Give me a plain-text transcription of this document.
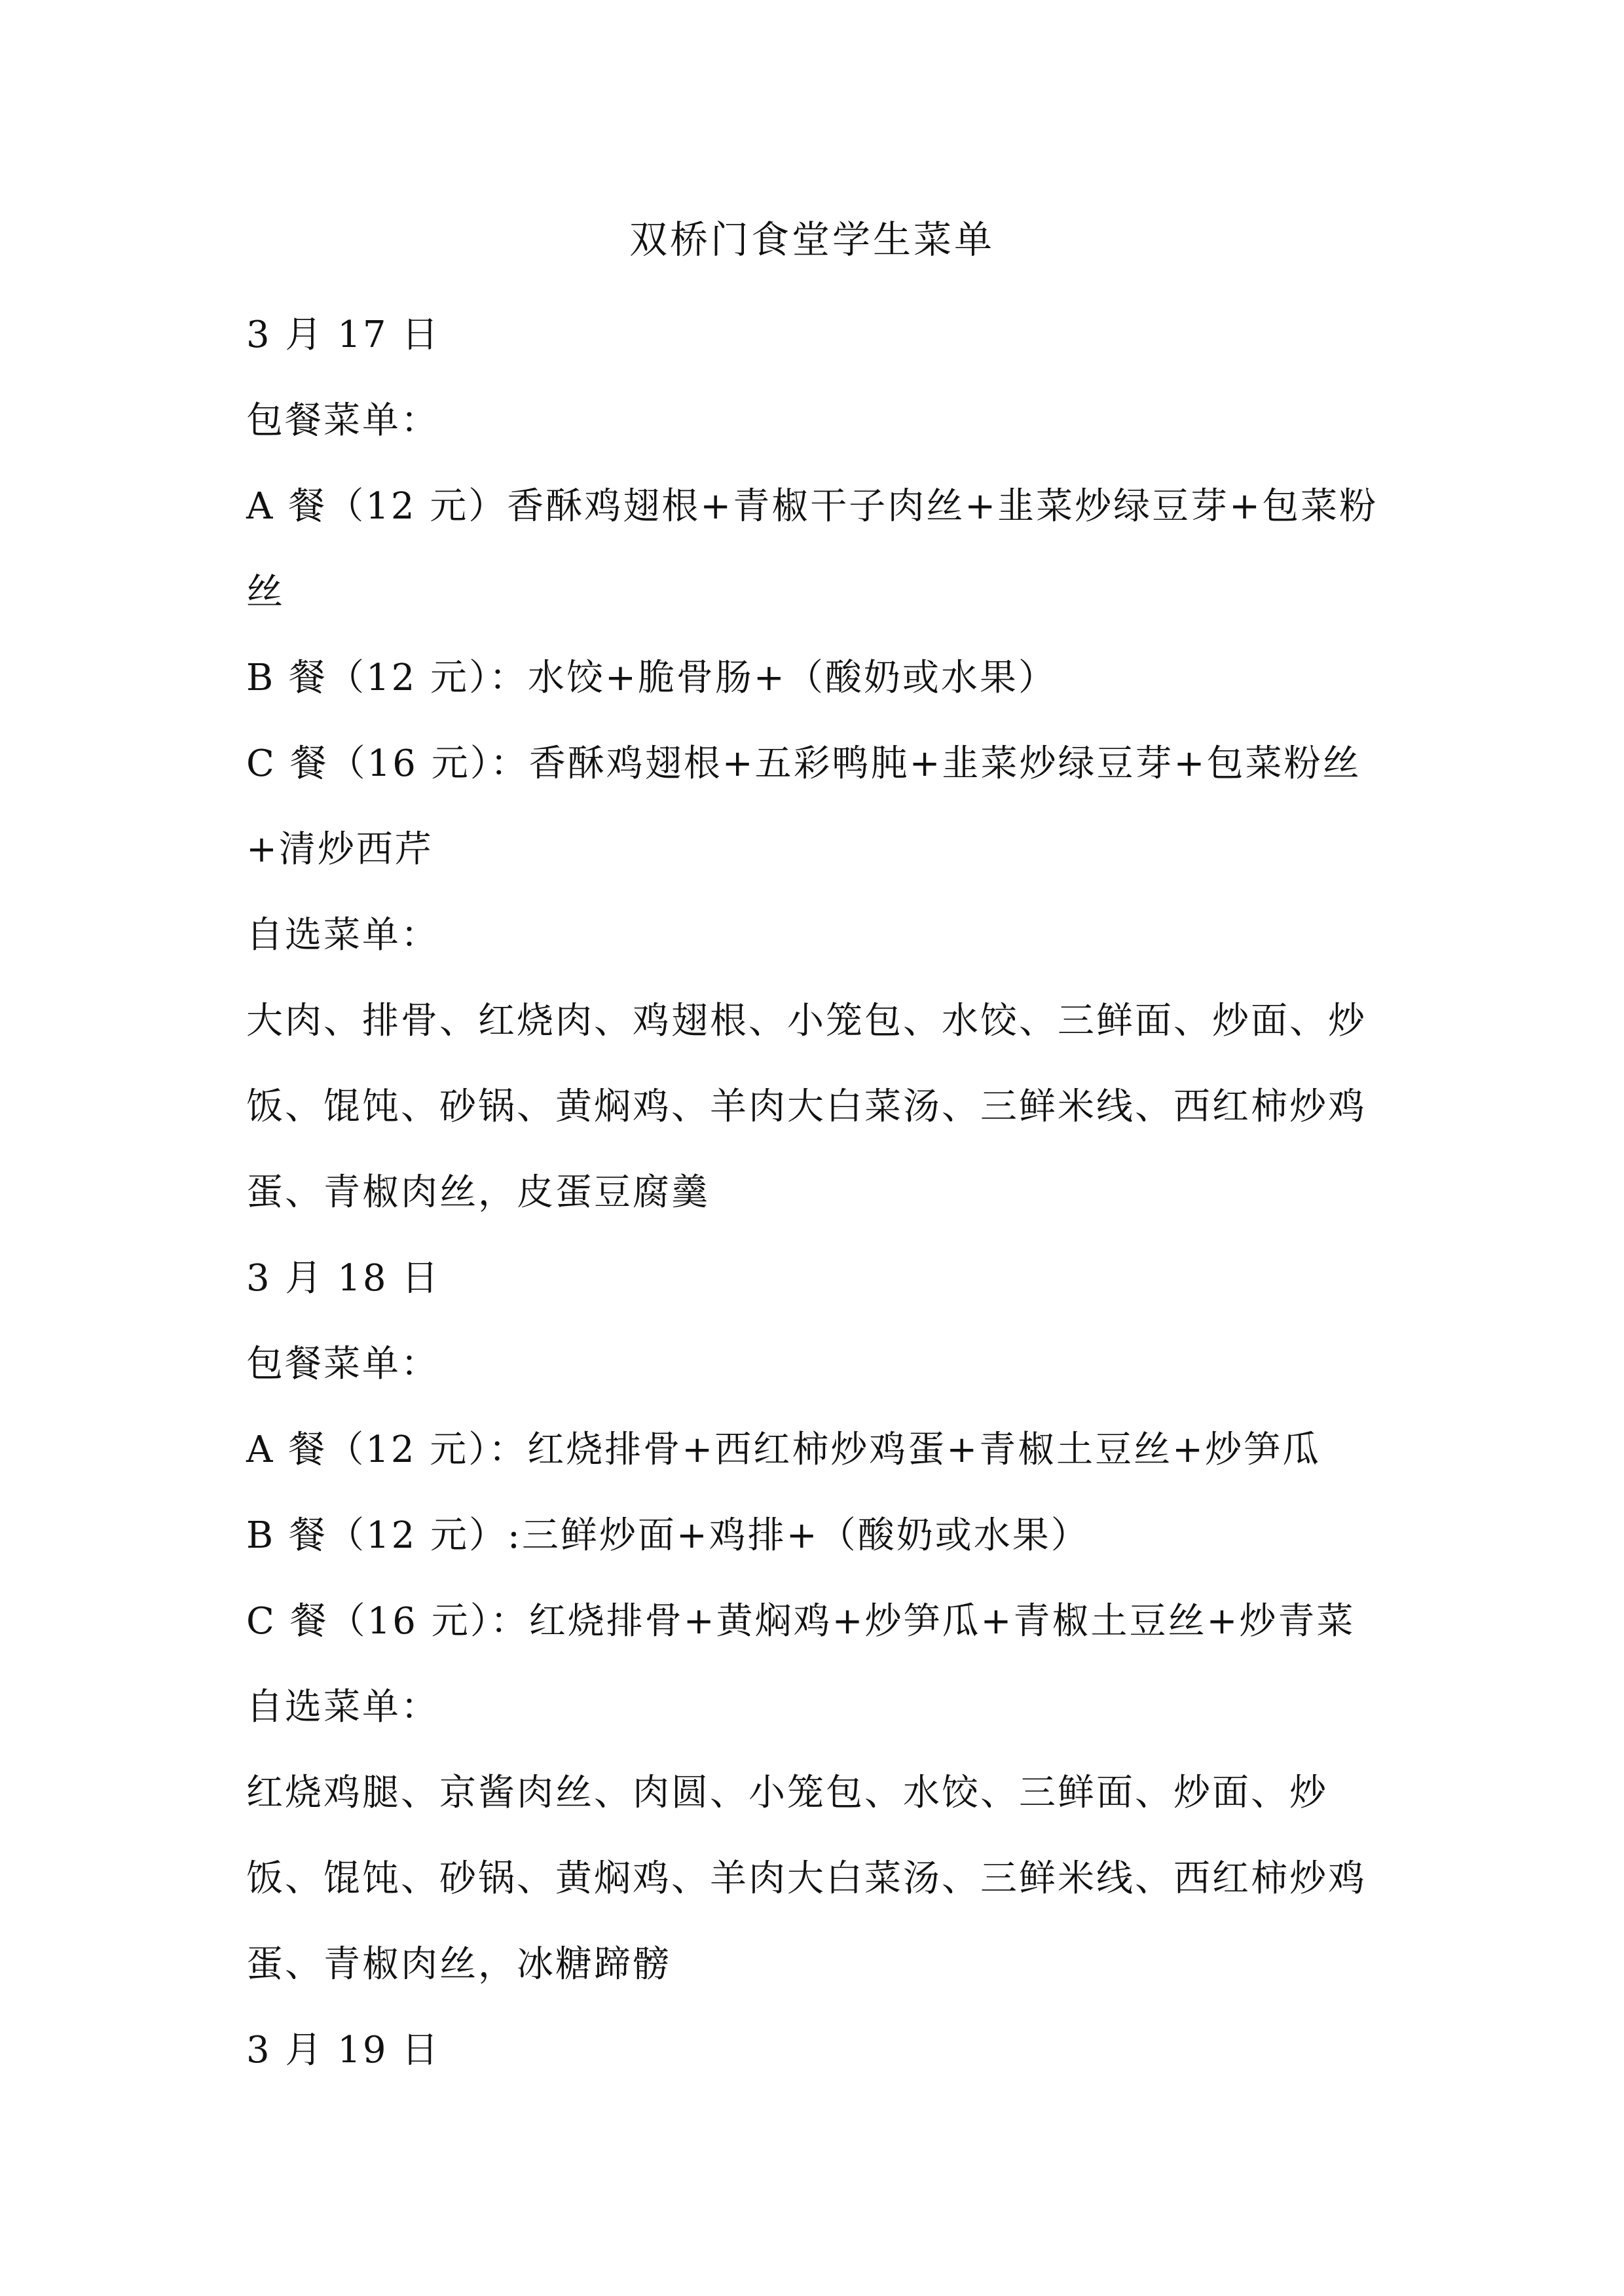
双桥门食堂学生菜单

3 月 17 日

包餐菜单：

A 餐（12 元）香酥鸡翅根+青椒干子肉丝+韭菜炒绿豆芽+包菜粉丝

B 餐（12 元）：水饺+脆骨肠+（酸奶或水果）

C 餐（16 元）：香酥鸡翅根+五彩鸭肫+韭菜炒绿豆芽+包菜粉丝+清炒西芹

自选菜单：

大肉、排骨、红烧肉、鸡翅根、小笼包、水饺、三鲜面、炒面、炒饭、馄饨、砂锅、黄焖鸡、羊肉大白菜汤、三鲜米线、西红柿炒鸡蛋、青椒肉丝，皮蛋豆腐羹

3 月 18 日

包餐菜单：

A 餐（12 元）：红烧排骨+西红柿炒鸡蛋+青椒土豆丝+炒笋瓜

B 餐（12 元）:三鲜炒面+鸡排+（酸奶或水果）

C 餐（16 元）：红烧排骨+黄焖鸡+炒笋瓜+青椒土豆丝+炒青菜

自选菜单：

红烧鸡腿、京酱肉丝、肉圆、小笼包、水饺、三鲜面、炒面、炒饭、馄饨、砂锅、黄焖鸡、羊肉大白菜汤、三鲜米线、西红柿炒鸡蛋、青椒肉丝，冰糖蹄髈

3 月 19 日
